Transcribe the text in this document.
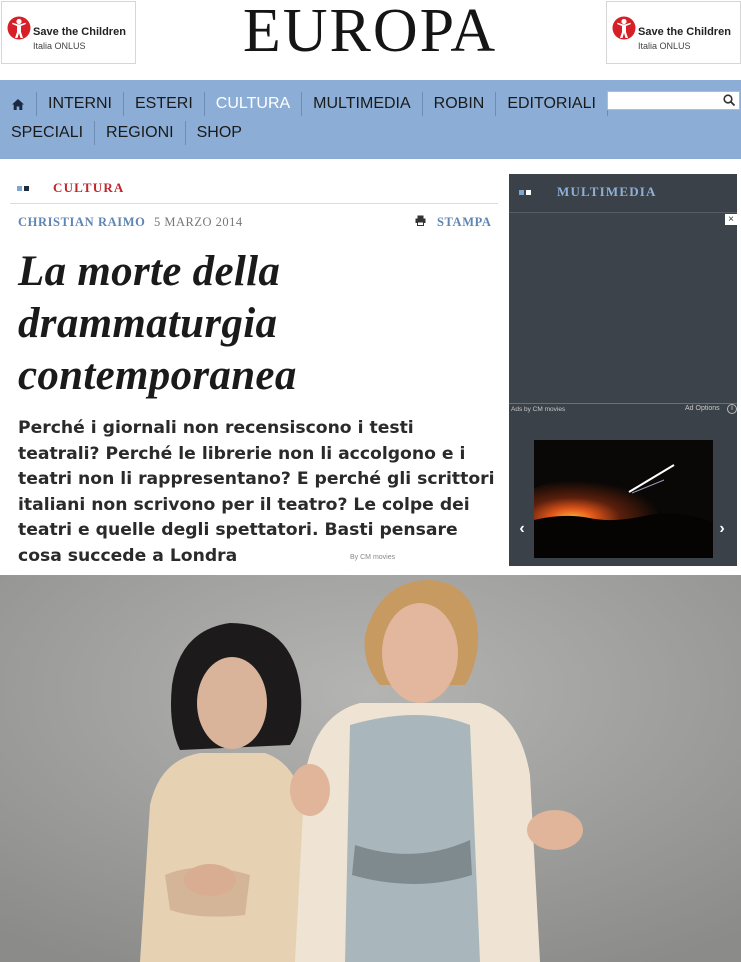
Save the Children
Italia ONLUS	EUROPA	Save the Children
Italia ONLUS
INTERNI	ESTERI	CULTURA	MULTIMEDIA	ROBIN	EDITORIALI
SPECIALI	REGIONI	SHOP
CULTURA
CHRISTIAN RAIMO 5 MARZO 2014	STAMPA
La morte della drammaturgia contemporanea

Perché i giornali non recensiscono i testi teatrali? Perché le librerie non li accolgono e i teatri non li rappresentano? E perché gli scrittori italiani non scrivono per il teatro? Le colpe dei teatri e quelle degli spettatori. Basti pensare cosa succede a Londra	By CM movies
MULTIMEDIA
×
Ads by CM movies	Ad Options	i
‹	›
